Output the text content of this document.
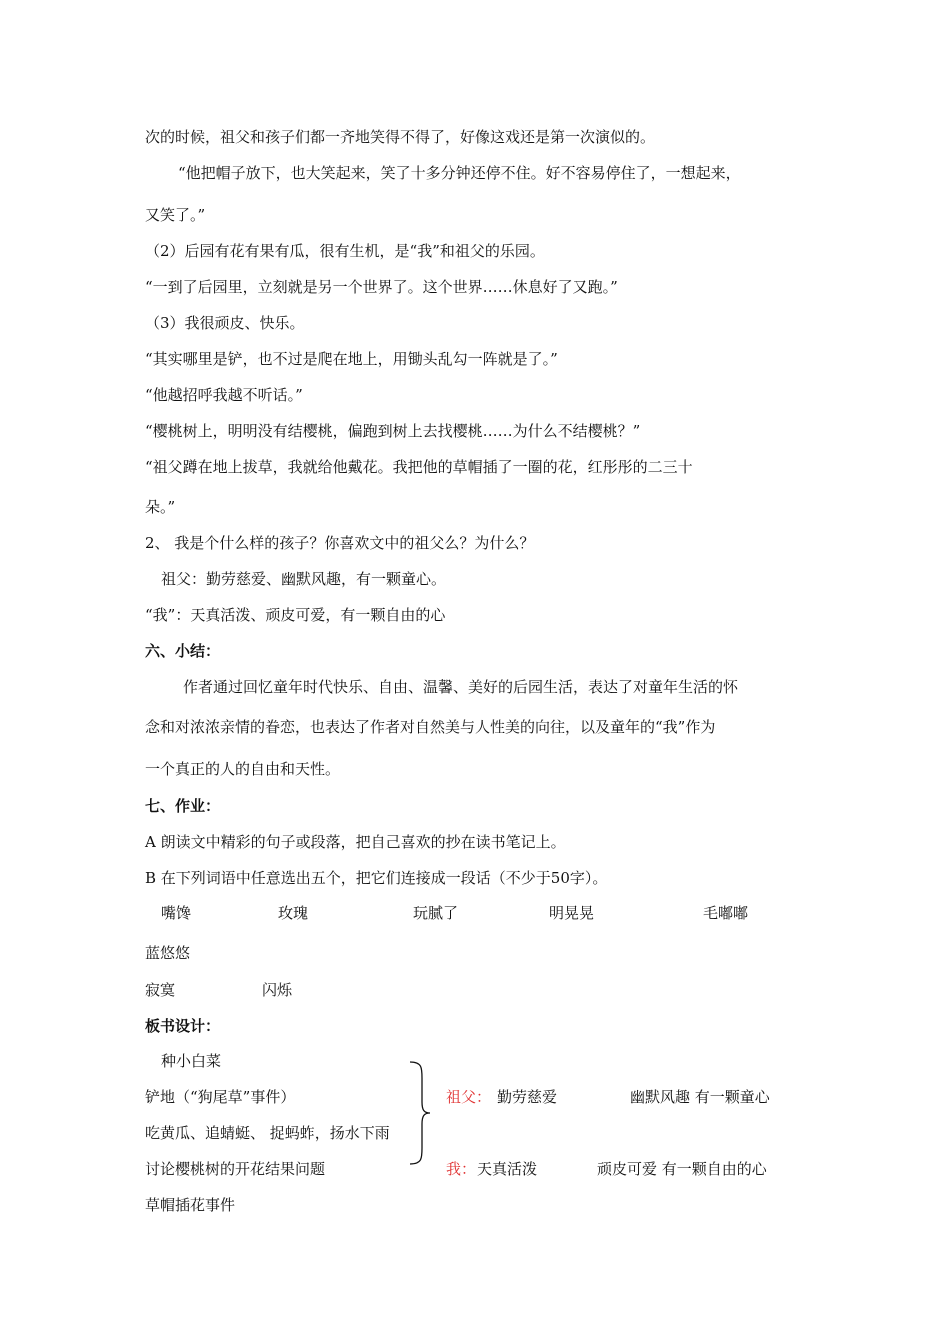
次的时候，祖父和孩子们都一齐地笑得不得了，好像这戏还是第一次演似的。
“他把帽子放下，也大笑起来，笑了十多分钟还停不住。好不容易停住了，一想起来，
又笑了。”
（2）后园有花有果有瓜，很有生机，是“我”和祖父的乐园。
“一到了后园里，立刻就是另一个世界了。这个世界……休息好了又跑。”
（3）我很顽皮、快乐。
“其实哪里是铲，也不过是爬在地上，用锄头乱勾一阵就是了。”
“他越招呼我越不听话。”
“樱桃树上，明明没有结樱桃，偏跑到树上去找樱桃……为什么不结樱桃？”
“祖父蹲在地上拔草，我就给他戴花。我把他的草帽插了一圈的花，红彤彤的二三十
朵。”
2、 我是个什么样的孩子？你喜欢文中的祖父么？为什么？
祖父：勤劳慈爱、幽默风趣，有一颗童心。
“我”：天真活泼、顽皮可爱，有一颗自由的心
六、小结：
作者通过回忆童年时代快乐、自由、温馨、美好的后园生活，表达了对童年生活的怀
念和对浓浓亲情的眷恋，也表达了作者对自然美与人性美的向往，以及童年的“我”作为
一个真正的人的自由和天性。
七、作业：
A 朗读文中精彩的句子或段落，把自己喜欢的抄在读书笔记上。
B 在下列词语中任意选出五个，把它们连接成一段话（不少于50字）。
嘴馋	玫瑰	玩腻了	明晃晃	毛嘟嘟
蓝悠悠
寂寞	闪烁
板书设计：
种小白菜
铲地（“狗尾草”事件）
吃黄瓜、追蜻蜓、 捉蚂蚱，扬水下雨
讨论樱桃树的开花结果问题
草帽插花事件
祖父： 勤劳慈爱	幽默风趣 有一颗童心
我： 天真活泼	顽皮可爱 有一颗自由的心
